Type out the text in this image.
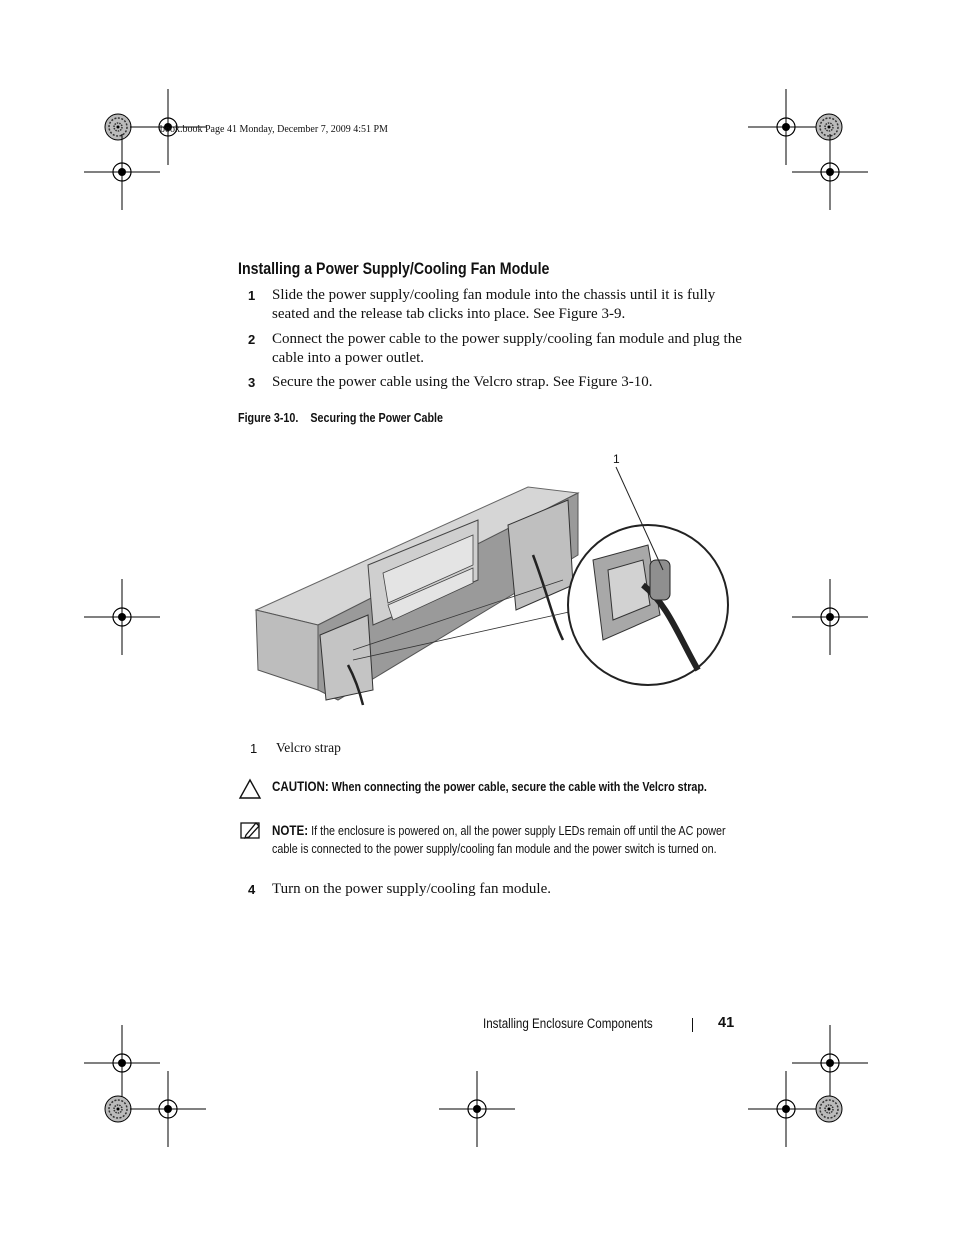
book.book Page 41 Monday, December 7, 2009 4:51 PM
Installing a Power Supply/Cooling Fan Module
1 Slide the power supply/cooling fan module into the chassis until it is fully seated and the release tab clicks into place. See Figure 3-9.
2 Connect the power cable to the power supply/cooling fan module and plug the cable into a power outlet.
3 Secure the power cable using the Velcro strap. See Figure 3-10.
Figure 3-10. Securing the Power Cable
1
1 Velcro strap
CAUTION: When connecting the power cable, secure the cable with the Velcro strap.
NOTE: If the enclosure is powered on, all the power supply LEDs remain off until the AC power cable is connected to the power supply/cooling fan module and the power switch is turned on.
4 Turn on the power supply/cooling fan module.
Installing Enclosure Components	41
